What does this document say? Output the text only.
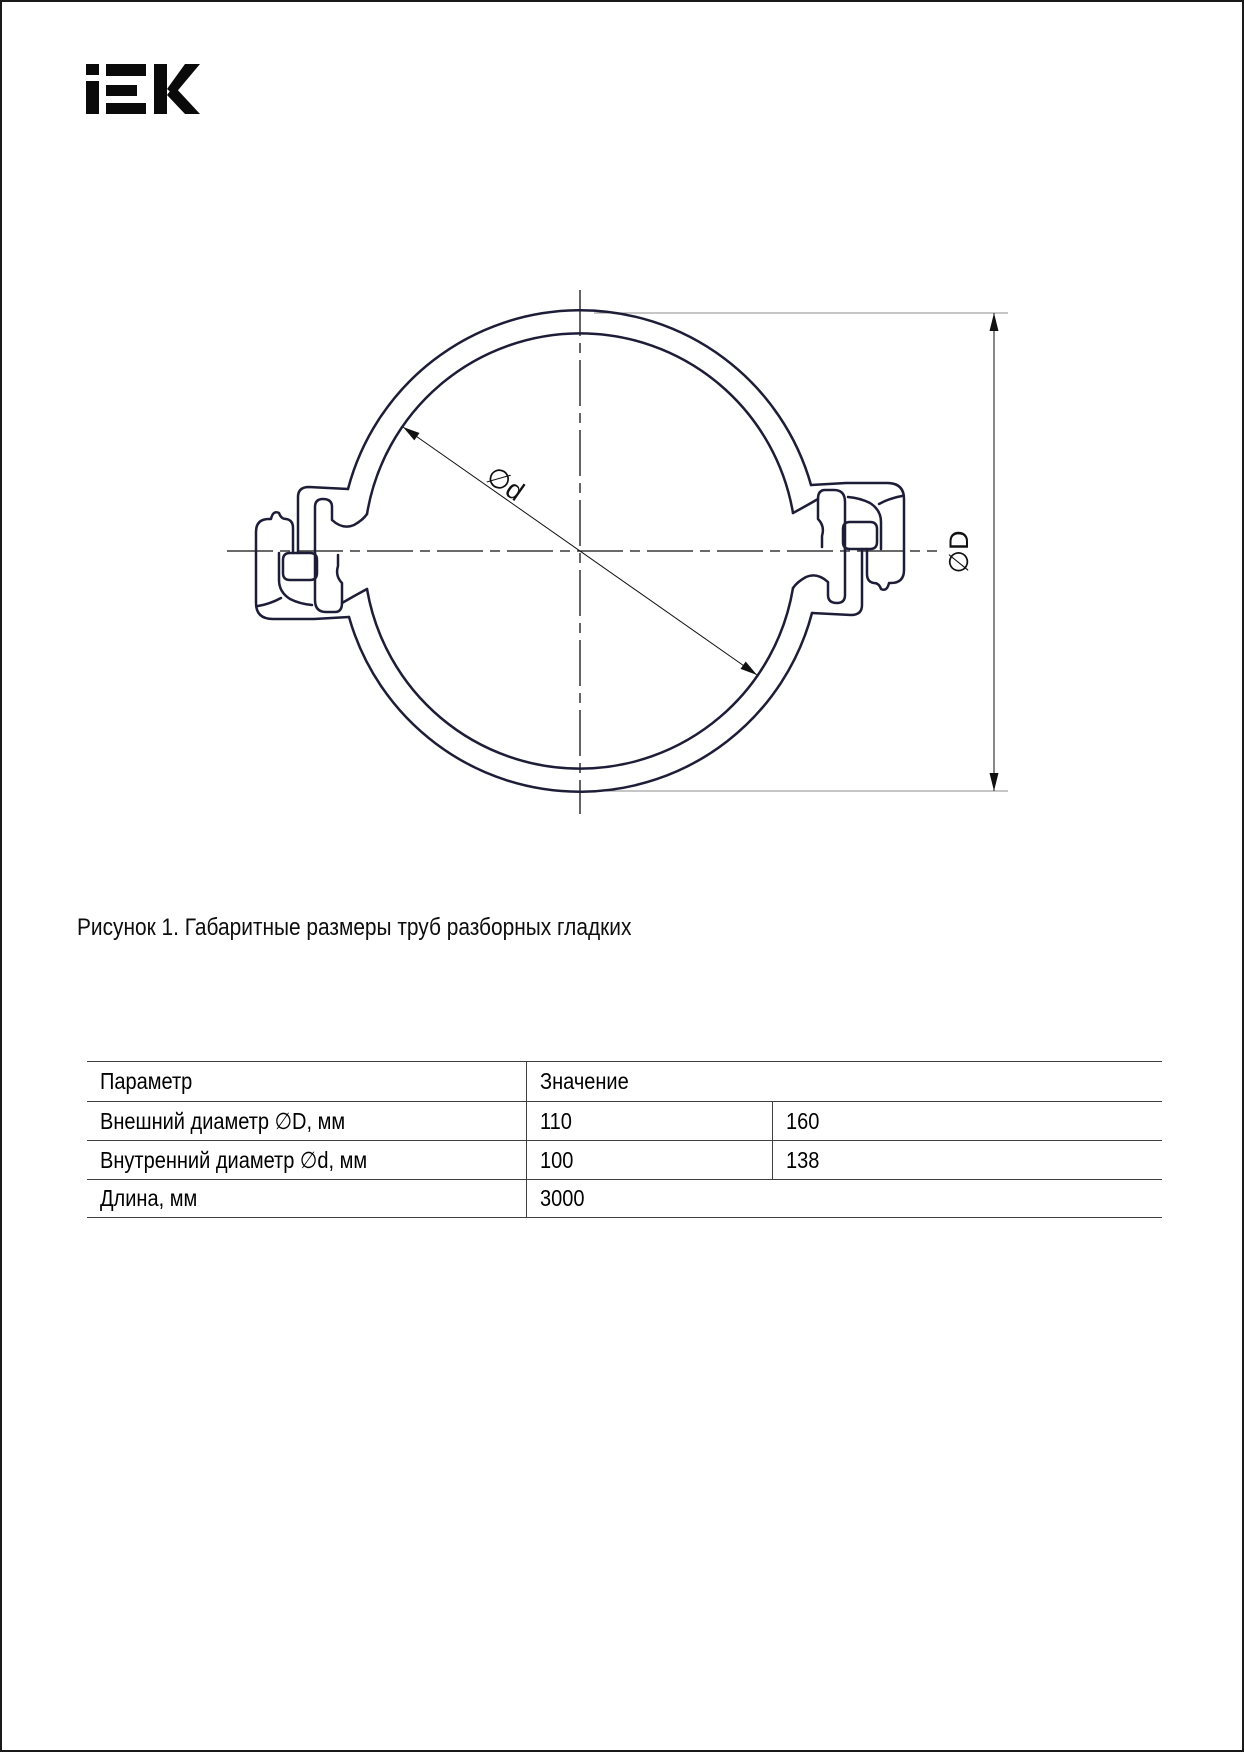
∅d
∅D
Рисунок 1. Габаритные размеры труб разборных гладких
Параметр	Значение
Внешний диаметр ∅D, мм	110	160
Внутренний диаметр ∅d, мм	100	138
Длина, мм	3000
